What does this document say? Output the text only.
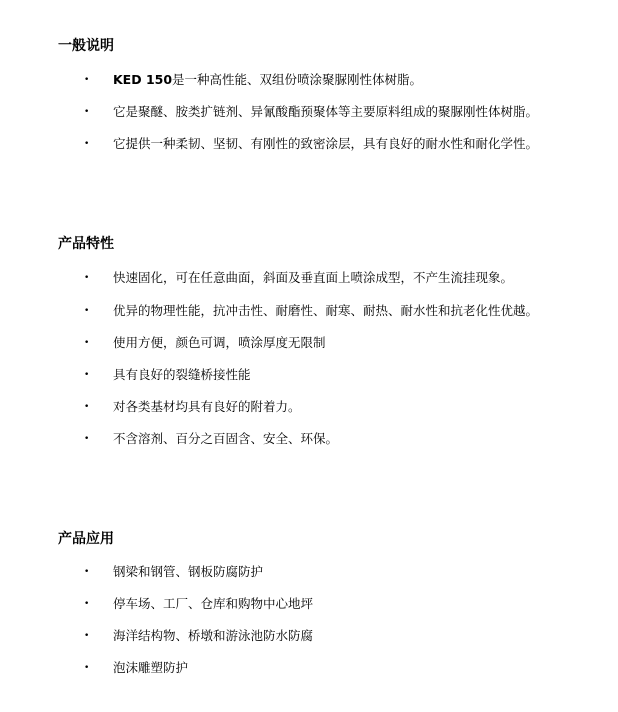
一般说明
• KED 150是一种高性能、双组份喷涂聚脲刚性体树脂。
• 它是聚醚、胺类扩链剂、异氰酸酯预聚体等主要原料组成的聚脲刚性体树脂。
• 它提供一种柔韧、坚韧、有刚性的致密涂层，具有良好的耐水性和耐化学性。
产品特性
• 快速固化，可在任意曲面，斜面及垂直面上喷涂成型，不产生流挂现象。
• 优异的物理性能，抗冲击性、耐磨性、耐寒、耐热、耐水性和抗老化性优越。
• 使用方便，颜色可调，喷涂厚度无限制
• 具有良好的裂缝桥接性能
• 对各类基材均具有良好的附着力。
• 不含溶剂、百分之百固含、安全、环保。
产品应用
• 钢梁和钢管、钢板防腐防护
• 停车场、工厂、仓库和购物中心地坪
• 海洋结构物、桥墩和游泳池防水防腐
• 泡沫雕塑防护
